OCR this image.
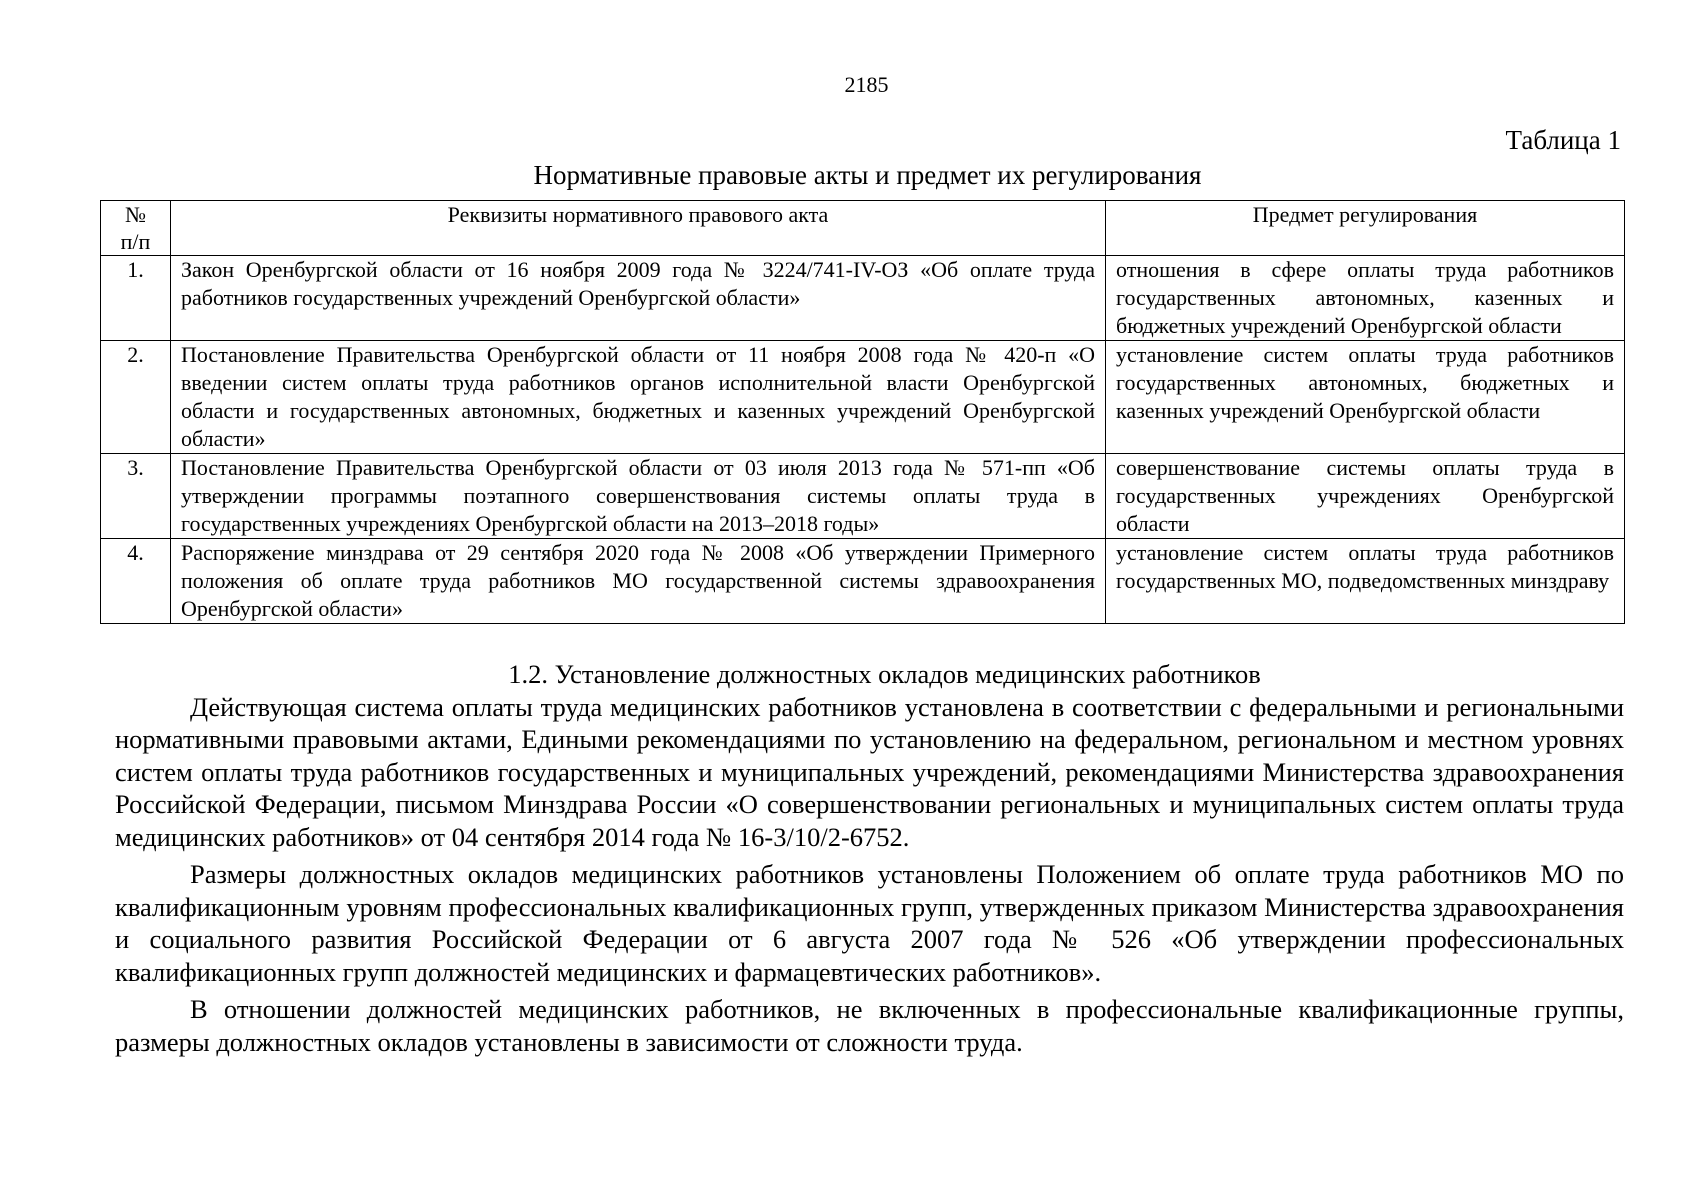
2185
Таблица 1
Нормативные правовые акты и предмет их регулирования
№
п/п	Реквизиты нормативного правового акта	Предмет регулирования
1.	Закон Оренбургской области от 16 ноября 2009 года № 3224/741-IV-ОЗ «Об оплате труда работников государственных учреждений Оренбургской области»	отношения в сфере оплаты труда работников государственных автономных, казенных и бюджетных учреждений Оренбургской области
2.	Постановление Правительства Оренбургской области от 11 ноября 2008 года № 420-п «О введении систем оплаты труда работников органов исполнительной власти Оренбургской области и государственных автономных, бюджетных и казенных учреждений Оренбургской области»	установление систем оплаты труда работников государственных автономных, бюджетных и казенных учреждений Оренбургской области
3.	Постановление Правительства Оренбургской области от 03 июля 2013 года № 571-пп «Об утверждении программы поэтапного совершенствования системы оплаты труда в государственных учреждениях Оренбургской области на 2013–2018 годы»	совершенствование системы оплаты труда в государственных учреждениях Оренбургской области
4.	Распоряжение минздрава от 29 сентября 2020 года № 2008 «Об утверждении Примерного положения об оплате труда работников МО государственной системы здравоохранения Оренбургской области»	установление систем оплаты труда работников государственных МО, подведомственных минздраву
1.2. Установление должностных окладов медицинских работников

Действующая система оплаты труда медицинских работников установлена в соответствии с федеральными и региональными нормативными правовыми актами, Едиными рекомендациями по установлению на федеральном, региональном и местном уровнях систем оплаты труда работников государственных и муниципальных учреждений, рекомендациями Министерства здравоохранения Российской Федерации, письмом Минздрава России «О совершенствовании региональных и муниципальных систем оплаты труда медицинских работников» от 04 сентября 2014 года № 16-3/10/2-6752.

Размеры должностных окладов медицинских работников установлены Положением об оплате труда работников МО по квалификационным уровням профессиональных квалификационных групп, утвержденных приказом Министерства здравоохранения и социального развития Российской Федерации от 6 августа 2007 года № 526 «Об утверждении профессиональных квалификационных групп должностей медицинских и фармацевтических работников».

В отношении должностей медицинских работников, не включенных в профессиональные квалификационные группы, размеры должностных окладов установлены в зависимости от сложности труда.
